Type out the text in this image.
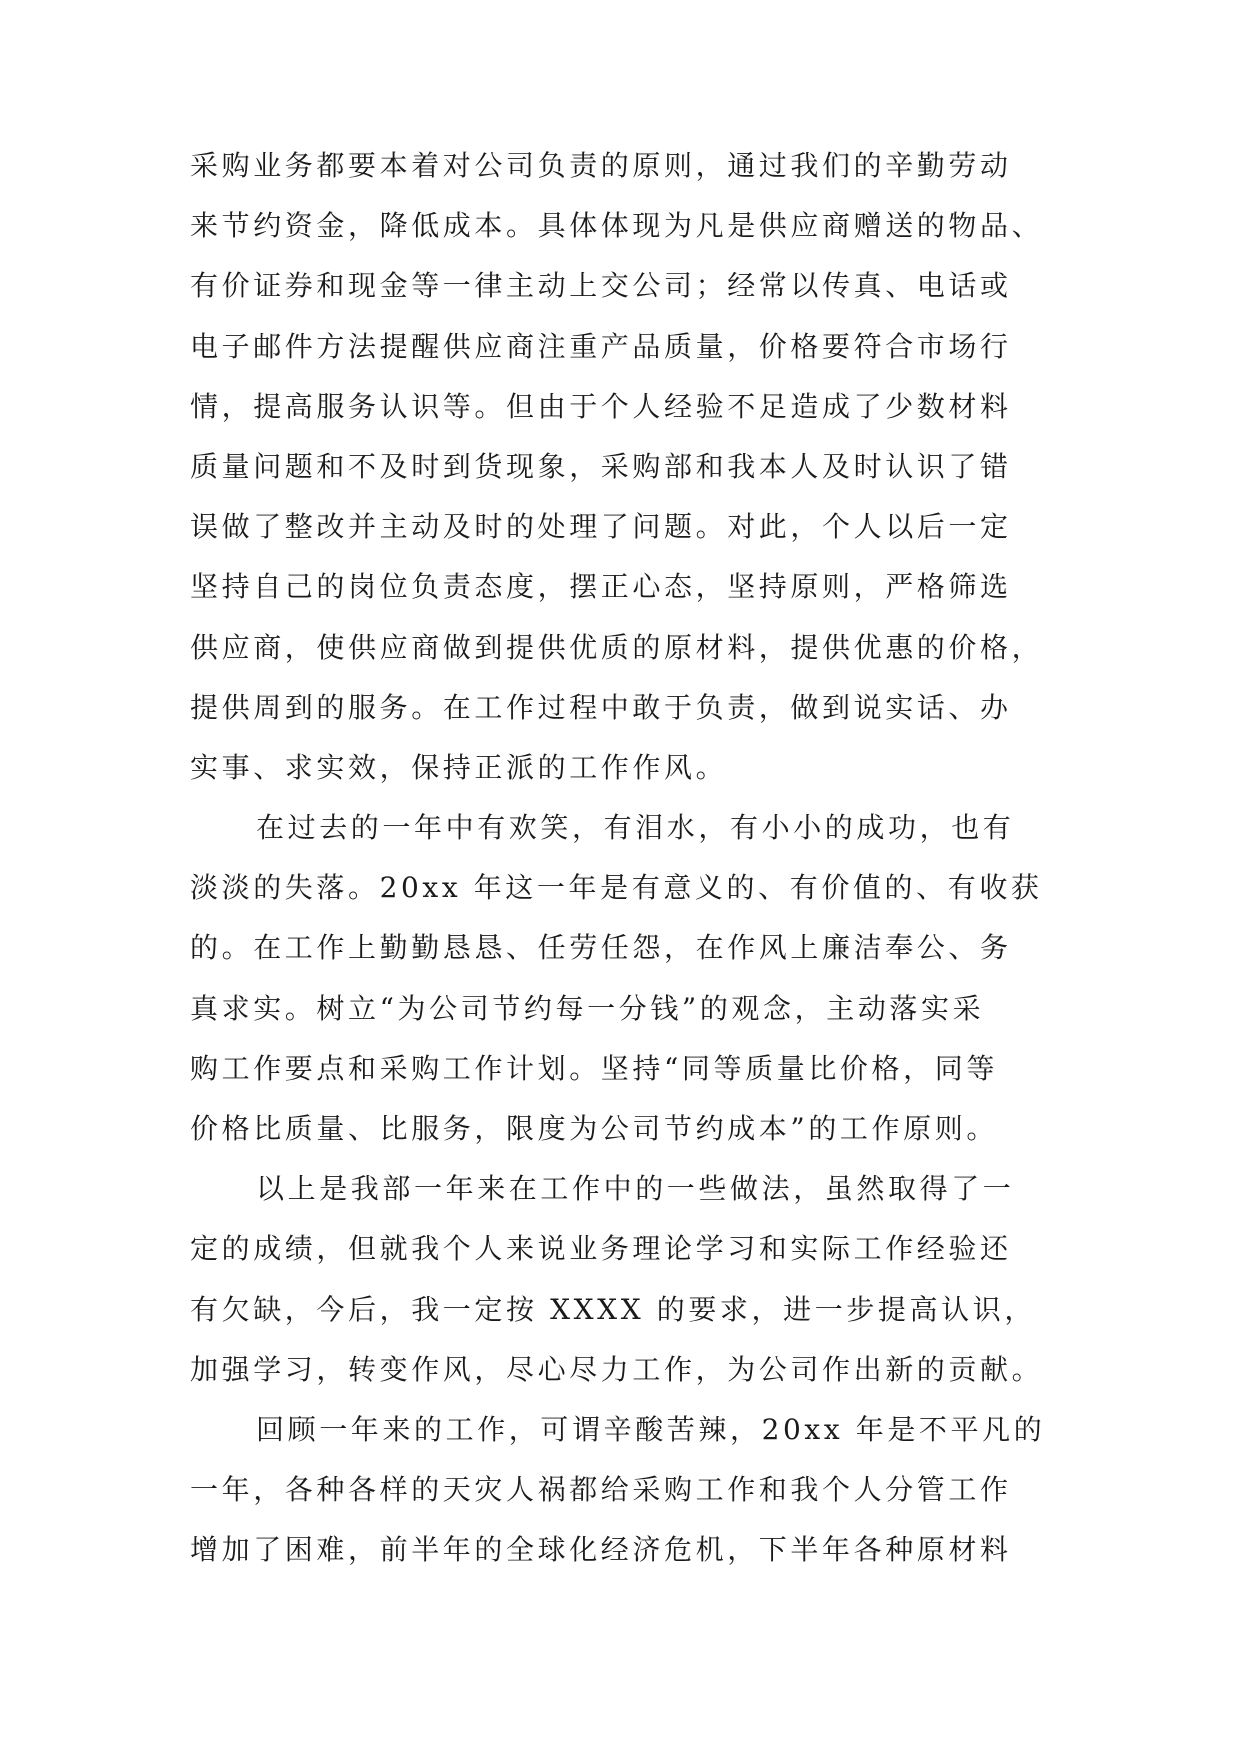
采购业务都要本着对公司负责的原则，通过我们的辛勤劳动
来节约资金，降低成本。具体体现为凡是供应商赠送的物品、
有价证券和现金等一律主动上交公司；经常以传真、电话或
电子邮件方法提醒供应商注重产品质量，价格要符合市场行
情，提高服务认识等。但由于个人经验不足造成了少数材料
质量问题和不及时到货现象，采购部和我本人及时认识了错
误做了整改并主动及时的处理了问题。对此，个人以后一定
坚持自己的岗位负责态度，摆正心态，坚持原则，严格筛选
供应商，使供应商做到提供优质的原材料，提供优惠的价格，
提供周到的服务。在工作过程中敢于负责，做到说实话、办
实事、求实效，保持正派的工作作风。
在过去的一年中有欢笑，有泪水，有小小的成功，也有
淡淡的失落。20xx 年这一年是有意义的、有价值的、有收获
的。在工作上勤勤恳恳、任劳任怨，在作风上廉洁奉公、务
真求实。树立“为公司节约每一分钱”的观念，主动落实采
购工作要点和采购工作计划。坚持“同等质量比价格，同等
价格比质量、比服务，限度为公司节约成本”的工作原则。
以上是我部一年来在工作中的一些做法，虽然取得了一
定的成绩，但就我个人来说业务理论学习和实际工作经验还
有欠缺，今后，我一定按 XXXX 的要求，进一步提高认识，
加强学习，转变作风，尽心尽力工作，为公司作出新的贡献。
回顾一年来的工作，可谓辛酸苦辣，20xx 年是不平凡的
一年，各种各样的天灾人祸都给采购工作和我个人分管工作
增加了困难，前半年的全球化经济危机，下半年各种原材料
